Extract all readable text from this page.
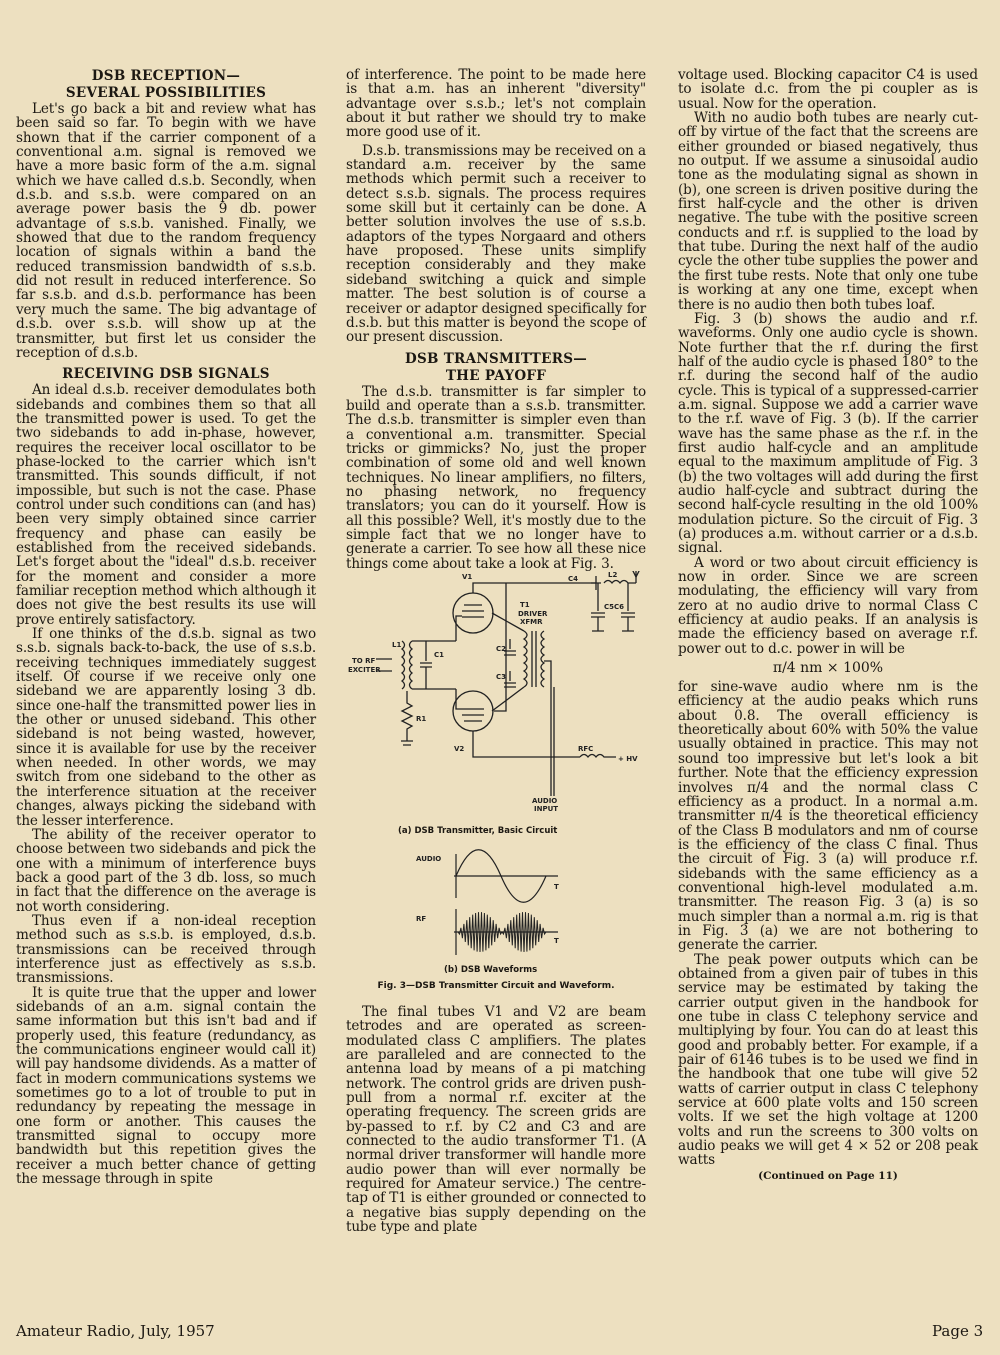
DSB RECEPTION—
SEVERAL POSSIBILITIES

Let's go back a bit and review what has been said so far. To begin with we have shown that if the carrier component of a conventional a.m. signal is removed we have a more basic form of the a.m. signal which we have called d.s.b. Secondly, when d.s.b. and s.s.b. were compared on an average power basis the 9 db. power advantage of s.s.b. vanished. Finally, we showed that due to the random frequency location of signals within a band the reduced transmission bandwidth of s.s.b. did not result in reduced interference. So far s.s.b. and d.s.b. performance has been very much the same. The big advantage of d.s.b. over s.s.b. will show up at the transmitter, but first let us consider the reception of d.s.b.

RECEIVING DSB SIGNALS

An ideal d.s.b. receiver demodulates both sidebands and combines them so that all the transmitted power is used. To get the two sidebands to add in-phase, however, requires the receiver local oscillator to be phase-locked to the carrier which isn't transmitted. This sounds difficult, if not impossible, but such is not the case. Phase control under such conditions can (and has) been very simply obtained since carrier frequency and phase can easily be established from the received sidebands. Let's forget about the "ideal" d.s.b. receiver for the moment and consider a more familiar reception method which although it does not give the best results its use will prove entirely satisfactory.

If one thinks of the d.s.b. signal as two s.s.b. signals back-to-back, the use of s.s.b. receiving techniques immediately suggest itself. Of course if we receive only one sideband we are apparently losing 3 db. since one-half the transmitted power lies in the other or unused sideband. This other sideband is not being wasted, however, since it is available for use by the receiver when needed. In other words, we may switch from one sideband to the other as the interference situation at the receiver changes, always picking the sideband with the lesser interference.

The ability of the receiver operator to choose between two sidebands and pick the one with a minimum of interference buys back a good part of the 3 db. loss, so much in fact that the difference on the average is not worth considering.

Thus even if a non-ideal reception method such as s.s.b. is employed, d.s.b. transmissions can be received through interference just as effectively as s.s.b. transmissions.

It is quite true that the upper and lower sidebands of an a.m. signal contain the same information but this isn't bad and if properly used, this feature (redundancy, as the communications engineer would call it) will pay handsome dividends. As a matter of fact in modern communications systems we sometimes go to a lot of trouble to put in redundancy by repeating the message in one form or another. This causes the transmitted signal to occupy more bandwidth but this repetition gives the receiver a much better chance of getting the message through in spite

of interference. The point to be made here is that a.m. has an inherent "diversity" advantage over s.s.b.; let's not complain about it but rather we should try to make more good use of it.

D.s.b. transmissions may be received on a standard a.m. receiver by the same methods which permit such a receiver to detect s.s.b. signals. The process requires some skill but it certainly can be done. A better solution involves the use of s.s.b. adaptors of the types Norgaard and others have proposed. These units simplify reception considerably and they make sideband switching a quick and simple matter. The best solution is of course a receiver or adaptor designed specifically for d.s.b. but this matter is beyond the scope of our present discussion.

DSB TRANSMITTERS—
THE PAYOFF

The d.s.b. transmitter is far simpler to build and operate than a s.s.b. transmitter. The d.s.b. transmitter is simpler even than a conventional a.m. transmitter. Special tricks or gimmicks? No, just the proper combination of some old and well known techniques. No linear amplifiers, no filters, no phasing network, no frequency translators; you can do it yourself. How is all this possible? Well, it's mostly due to the simple fact that we no longer have to generate a carrier. To see how all these nice things come about take a look at Fig. 3.

V1
V2
T1
DRIVER
XFMR
C4	L2
C5 C6
L1
C1
C2
C3
R1
RFC
+ HV
TO RF
EXCITER
AUDIO
INPUT
AUDIO
T
RF
T
(a) DSB Transmitter, Basic Circuit
(b) DSB Waveforms
Fig. 3—DSB Transmitter Circuit and Waveform.

The final tubes V1 and V2 are beam tetrodes and are operated as screen-modulated class C amplifiers. The plates are paralleled and are connected to the antenna load by means of a pi matching network. The control grids are driven push-pull from a normal r.f. exciter at the operating frequency. The screen grids are by-passed to r.f. by C2 and C3 and are connected to the audio transformer T1. (A normal driver transformer will handle more audio power than will ever normally be required for Amateur service.) The centre-tap of T1 is either grounded or connected to a negative bias supply depending on the tube type and plate

voltage used. Blocking capacitor C4 is used to isolate d.c. from the pi coupler as is usual. Now for the operation.

With no audio both tubes are nearly cut-off by virtue of the fact that the screens are either grounded or biased negatively, thus no output. If we assume a sinusoidal audio tone as the modulating signal as shown in (b), one screen is driven positive during the first half-cycle and the other is driven negative. The tube with the positive screen conducts and r.f. is supplied to the load by that tube. During the next half of the audio cycle the other tube supplies the power and the first tube rests. Note that only one tube is working at any one time, except when there is no audio then both tubes loaf.

Fig. 3 (b) shows the audio and r.f. waveforms. Only one audio cycle is shown. Note further that the r.f. during the first half of the audio cycle is phased 180° to the r.f. during the second half of the audio cycle. This is typical of a suppressed-carrier a.m. signal. Suppose we add a carrier wave to the r.f. wave of Fig. 3 (b). If the carrier wave has the same phase as the r.f. in the first audio half-cycle and an amplitude equal to the maximum amplitude of Fig. 3 (b) the two voltages will add during the first audio half-cycle and subtract during the second half-cycle resulting in the old 100% modulation picture. So the circuit of Fig. 3 (a) produces a.m. without carrier or a d.s.b. signal.

A word or two about circuit efficiency is now in order. Since we are screen modulating, the efficiency will vary from zero at no audio drive to normal Class C efficiency at audio peaks. If an analysis is made the efficiency based on average r.f. power out to d.c. power in will be

π/4 nm × 100%

for sine-wave audio where nm is the efficiency at the audio peaks which runs about 0.8. The overall efficiency is theoretically about 60% with 50% the value usually obtained in practice. This may not sound too impressive but let's look a bit further. Note that the efficiency expression involves π/4 and the normal class C efficiency as a product. In a normal a.m. transmitter π/4 is the theoretical efficiency of the Class B modulators and nm of course is the efficiency of the class C final. Thus the circuit of Fig. 3 (a) will produce r.f. sidebands with the same efficiency as a conventional high-level modulated a.m. transmitter. The reason Fig. 3 (a) is so much simpler than a normal a.m. rig is that in Fig. 3 (a) we are not bothering to generate the carrier.

The peak power outputs which can be obtained from a given pair of tubes in this service may be estimated by taking the carrier output given in the handbook for one tube in class C telephony service and multiplying by four. You can do at least this good and probably better. For example, if a pair of 6146 tubes is to be used we find in the handbook that one tube will give 52 watts of carrier output in class C telephony service at 600 plate volts and 150 screen volts. If we set the high voltage at 1200 volts and run the screens to 300 volts on audio peaks we will get 4 × 52 or 208 peak watts

(Continued on Page 11)
Amateur Radio, July, 1957	Page 3
